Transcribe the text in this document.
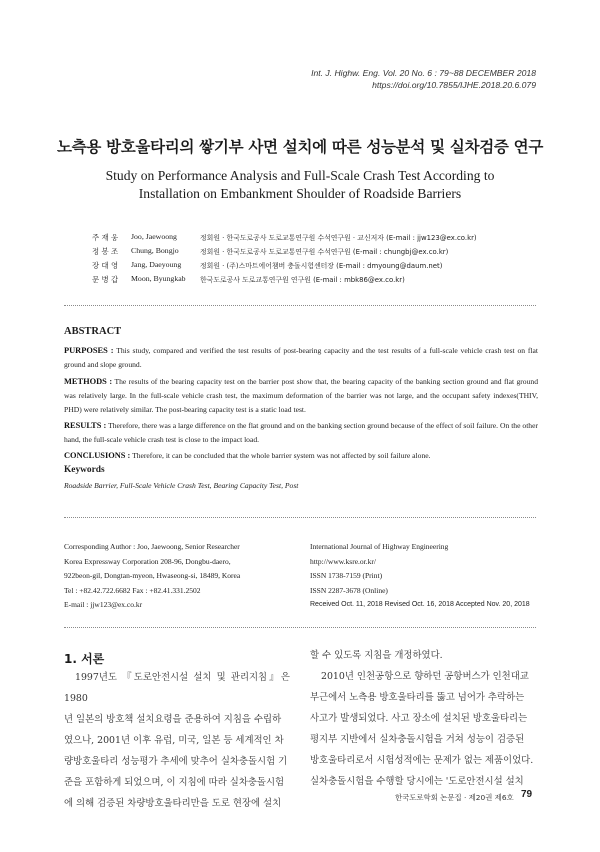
Int. J. Highw. Eng. Vol. 20 No. 6 : 79~88 DECEMBER 2018
https://doi.org/10.7855/IJHE.2018.20.6.079
노측용 방호울타리의 쌓기부 사면 설치에 따른 성능분석 및 실차검증 연구
Study on Performance Analysis and Full-Scale Crash Test According to
Installation on Embankment Shoulder of Roadside Barriers
주 재 웅 Joo, Jaewoong	정회원 · 한국도로공사 도로교통연구원 수석연구원 · 교신저자 (E-mail : jjw123@ex.co.kr)
정 봉 조 Chung, Bongjo	정회원 · 한국도로공사 도로교통연구원 수석연구원 (E-mail : chungbj@ex.co.kr)
장 대 영 Jang, Daeyoung	정회원 · (주)스마트에어챔버 충돌시험센터장 (E-mail : dmyoung@daum.net)
문 병 갑 Moon, Byungkab 한국도로공사 도로교통연구원 연구원 (E-mail : mbk86@ex.co.kr)
ABSTRACT
PURPOSES : This study, compared and verified the test results of post-bearing capacity and the test results of a full-scale vehicle crash test on flat ground and slope ground.
METHODS : The results of the bearing capacity test on the barrier post show that, the bearing capacity of the banking section ground and flat ground was relatively large. In the full-scale vehicle crash test, the maximum deformation of the barrier was not large, and the occupant safety indexes(THIV, PHD) were relatively similar. The post-bearing capacity test is a static load test.
RESULTS : Therefore, there was a large difference on the flat ground and on the banking section ground because of the effect of soil failure. On the other hand, the full-scale vehicle crash test is close to the impact load.
CONCLUSIONS : Therefore, it can be concluded that the whole barrier system was not affected by soil failure alone.
Keywords
Roadside Barrier, Full-Scale Vehicle Crash Test, Bearing Capacity Test, Post
Corresponding Author : Joo, Jaewoong, Senior Researcher
Korea Expressway Corporation 208-96, Dongbu-daero,
922beon-gil, Dongtan-myeon, Hwaseong-si, 18489, Korea
Tel : +82.42.722.6682 Fax : +82.41.331.2502
E-mail : jjw123@ex.co.kr
International Journal of Highway Engineering
http://www.ksre.or.kr/
ISSN 1738-7159 (Print)
ISSN 2287-3678 (Online)
Received Oct. 11, 2018 Revised Oct. 16, 2018 Accepted Nov. 20, 2018
1. 서론
1997년도 『도로안전시설 설치 및 관리지침』은 1980
년 일본의 방호책 설치요령을 준용하여 지침을 수립하
였으나, 2001년 이후 유럽, 미국, 일본 등 세계적인 차
량방호울타리 성능평가 추세에 맞추어 실차충돌시험 기
준을 포함하게 되었으며, 이 지침에 따라 실차충돌시험
에 의해 검증된 차량방호울타리만을 도로 현장에 설치
할 수 있도록 지침을 개정하였다.
2010년 인천공항으로 향하던 공항버스가 인천대교
부근에서 노측용 방호울타리를 뚫고 넘어가 추락하는
사고가 발생되었다. 사고 장소에 설치된 방호울타리는
평지부 지반에서 실차충돌시험을 거쳐 성능이 검증된
방호울타리로서 시험성적에는 문제가 없는 제품이었다.
실차충돌시험을 수행할 당시에는 '도로안전시설 설치
한국도로학회 논문집 · 제20권 제6호 79
